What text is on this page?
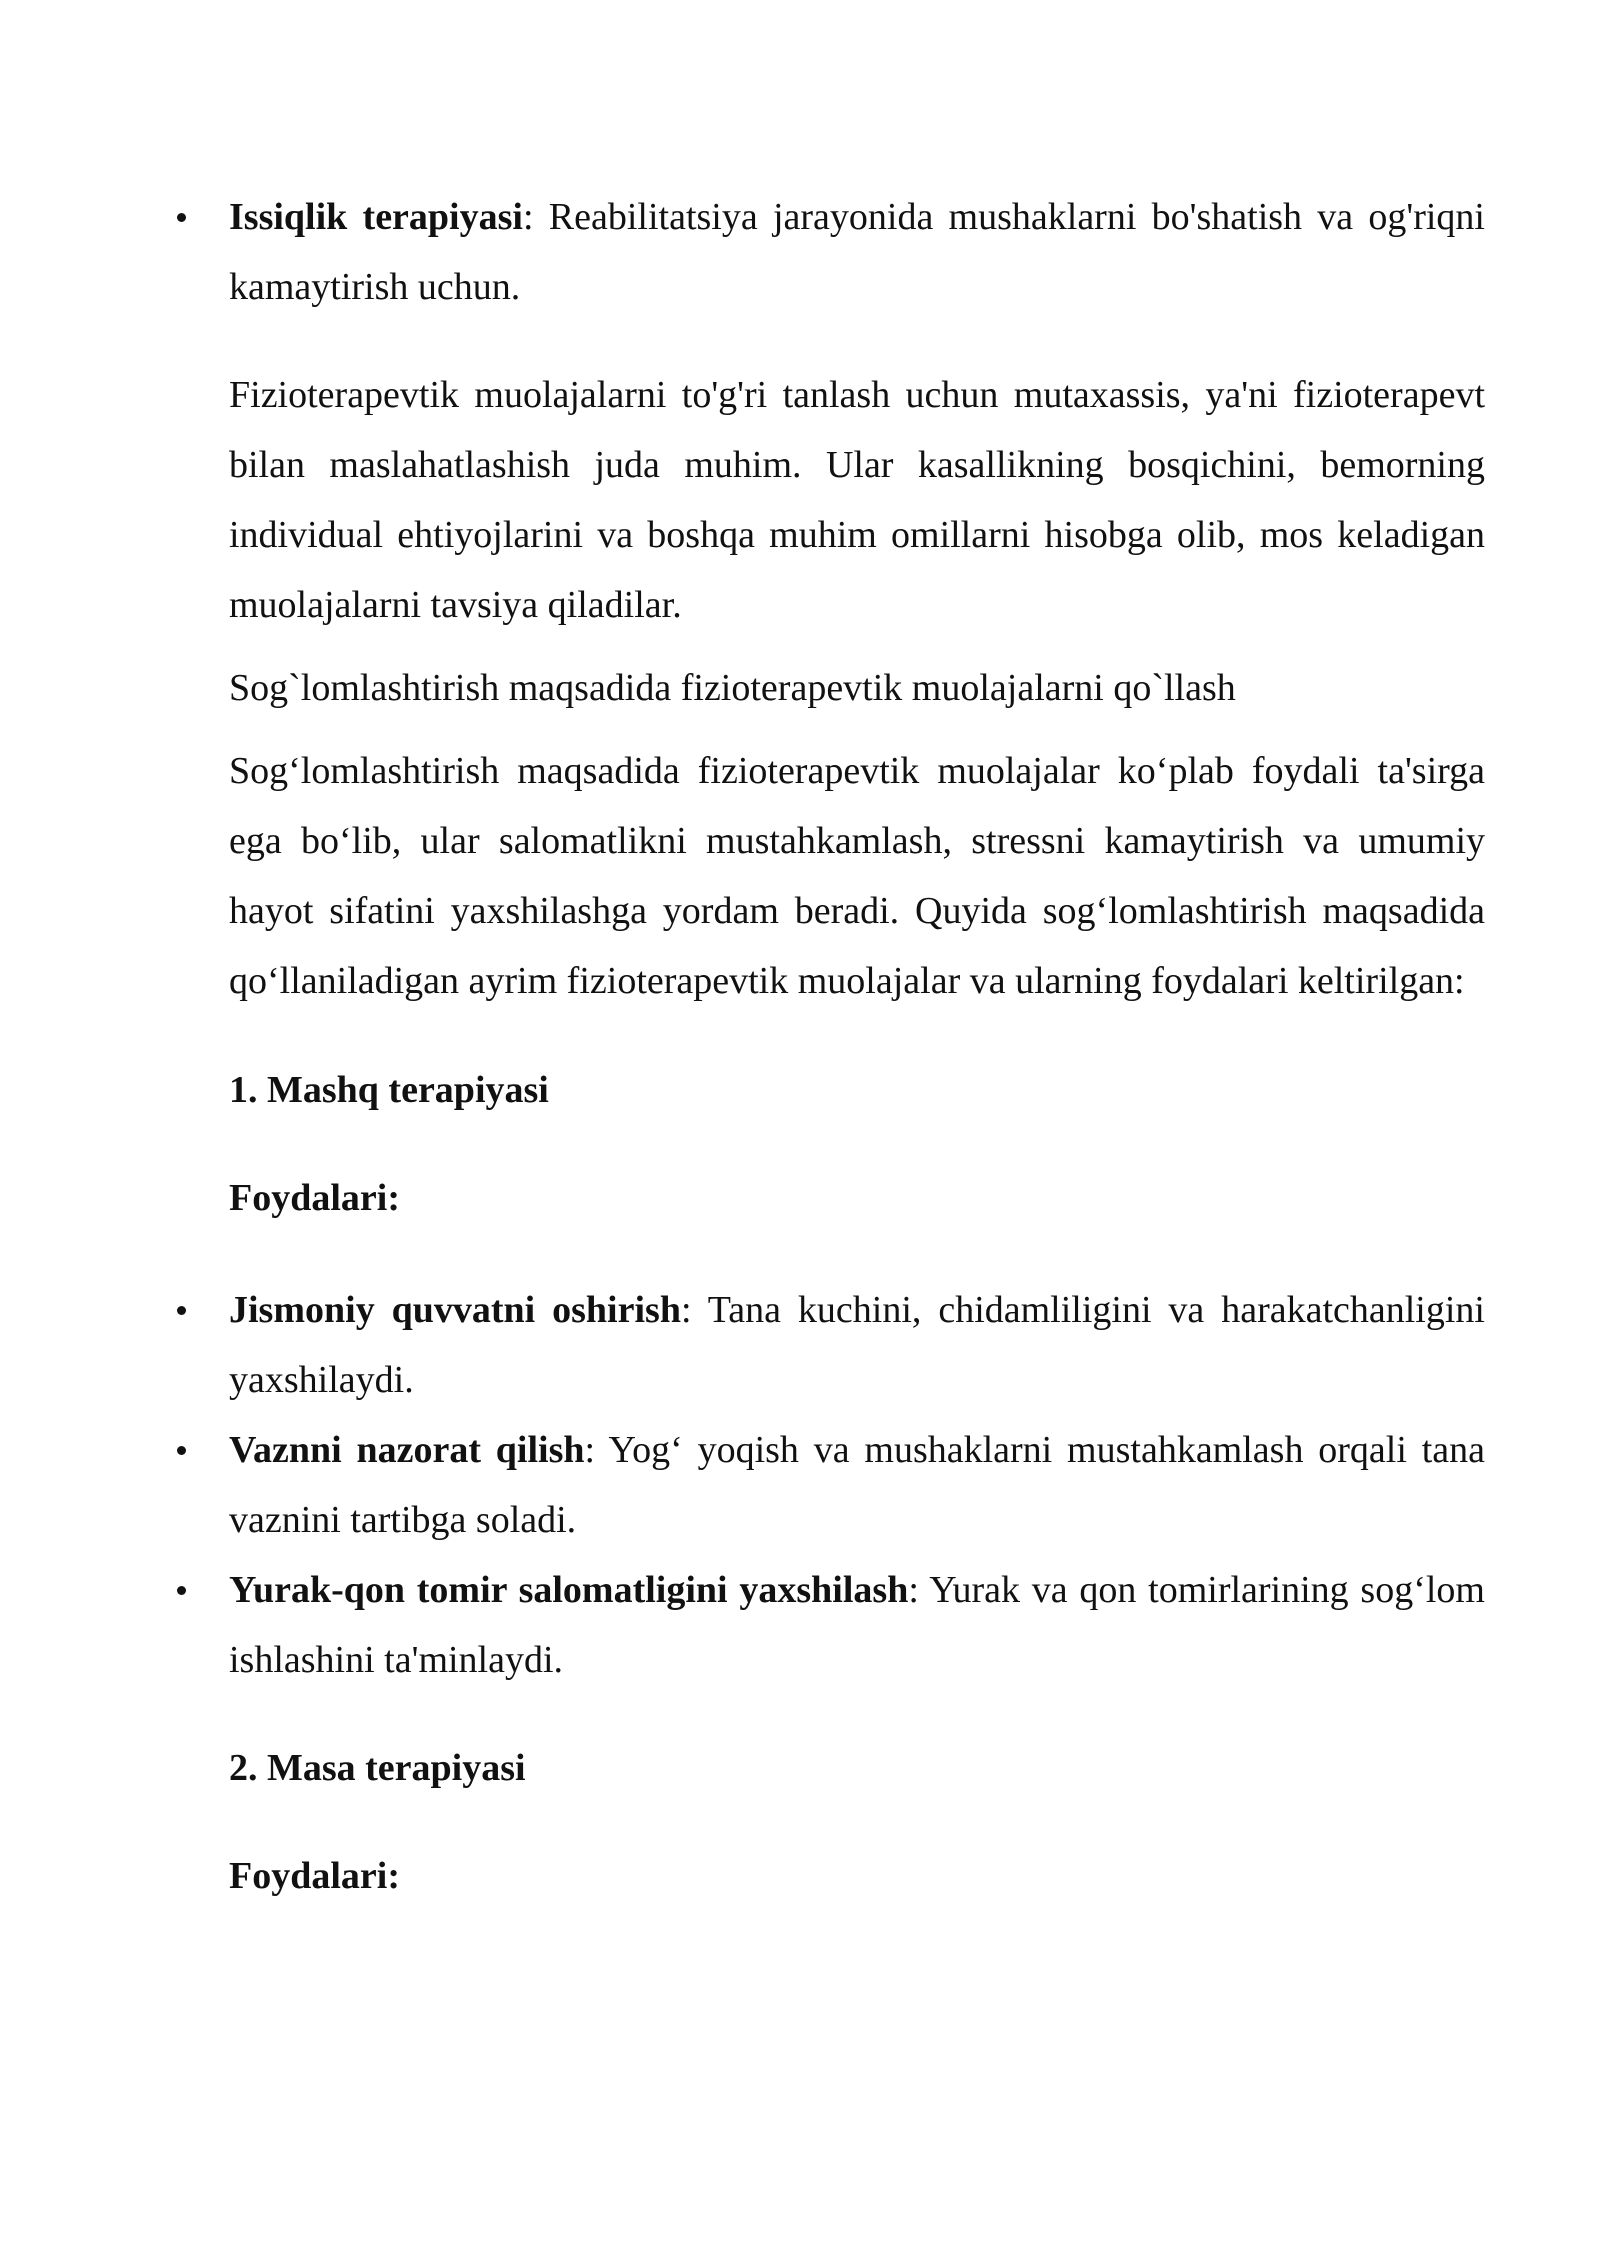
Issiqlik terapiyasi: Reabilitatsiya jarayonida mushaklarni bo'shatish va og'riqni kamaytirish uchun.

Fizioterapevtik muolajalarni to'g'ri tanlash uchun mutaxassis, ya'ni fizioterapevt bilan maslahatlashish juda muhim. Ular kasallikning bosqichini, bemorning individual ehtiyojlarini va boshqa muhim omillarni hisobga olib, mos keladigan muolajalarni tavsiya qiladilar.

Sog`lomlashtirish maqsadida fizioterapevtik muolajalarni qo`llash

Sog‘lomlashtirish maqsadida fizioterapevtik muolajalar ko‘plab foydali ta'sirga ega bo‘lib, ular salomatlikni mustahkamlash, stressni kamaytirish va umumiy hayot sifatini yaxshilashga yordam beradi. Quyida sog‘lomlashtirish maqsadida qo‘llaniladigan ayrim fizioterapevtik muolajalar va ularning foydalari keltirilgan:

1. Mashq terapiyasi

Foydalari:

Jismoniy quvvatni oshirish: Tana kuchini, chidamliligini va harakatchanligini yaxshilaydi.
Vaznni nazorat qilish: Yog‘ yoqish va mushaklarni mustahkamlash orqali tana vaznini tartibga soladi.
Yurak-qon tomir salomatligini yaxshilash: Yurak va qon tomirlarining sog‘lom ishlashini ta'minlaydi.

2. Masa terapiyasi

Foydalari:
